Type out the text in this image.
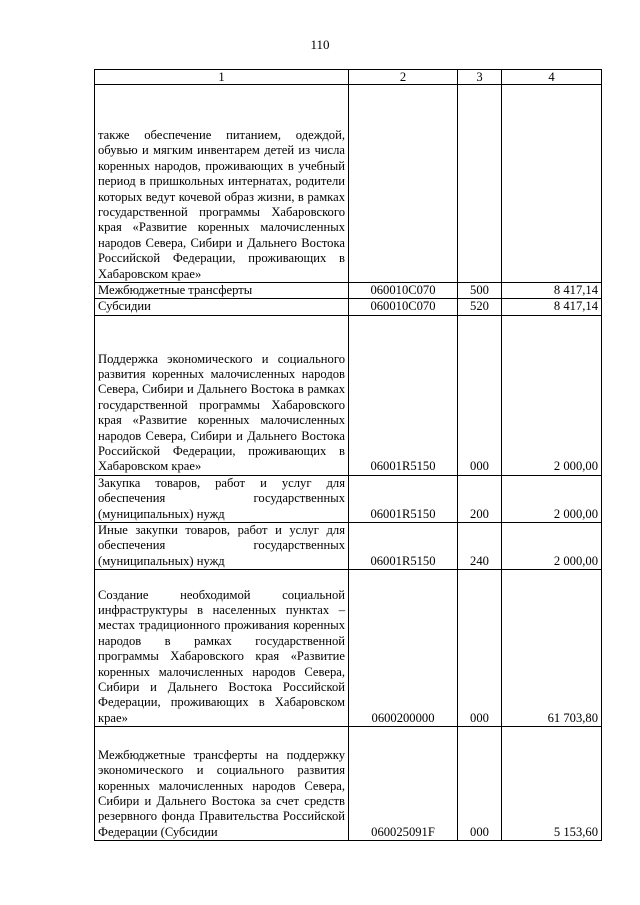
110
1	2	3	4
также обеспечение питанием, одеждой, обувью и мягким инвентарем детей из числа коренных народов, проживающих в учебный период в пришкольных интернатах, родители которых ведут кочевой образ жизни, в рамках государственной программы Хабаровского края «Развитие коренных малочисленных народов Севера, Сибири и Дальнего Востока Российской Федерации, проживающих в Хабаровском крае»			
Межбюджетные трансферты	060010С070	500	8 417,14
Субсидии	060010С070	520	8 417,14
Поддержка экономического и социального развития коренных малочисленных народов Севера, Сибири и Дальнего Востока в рамках государственной программы Хабаровского края «Развитие коренных малочисленных народов Севера, Сибири и Дальнего Востока Российской Федерации, проживающих в Хабаровском крае»	06001R5150	000	2 000,00
Закупка товаров, работ и услуг для обеспечения государственных (муниципальных) нужд	06001R5150	200	2 000,00
Иные закупки товаров, работ и услуг для обеспечения государственных (муниципальных) нужд	06001R5150	240	2 000,00
Создание необходимой социальной инфраструктуры в населенных пунктах – местах традиционного проживания коренных народов в рамках государственной программы Хабаровского края «Развитие коренных малочисленных народов Севера, Сибири и Дальнего Востока Российской Федерации, проживающих в Хабаровском крае»	0600200000	000	61 703,80
Межбюджетные трансферты на поддержку экономического и социального развития коренных малочисленных народов Севера, Сибири и Дальнего Востока за счет средств резервного фонда Правительства Российской Федерации (Субсидии	060025091F	000	5 153,60
